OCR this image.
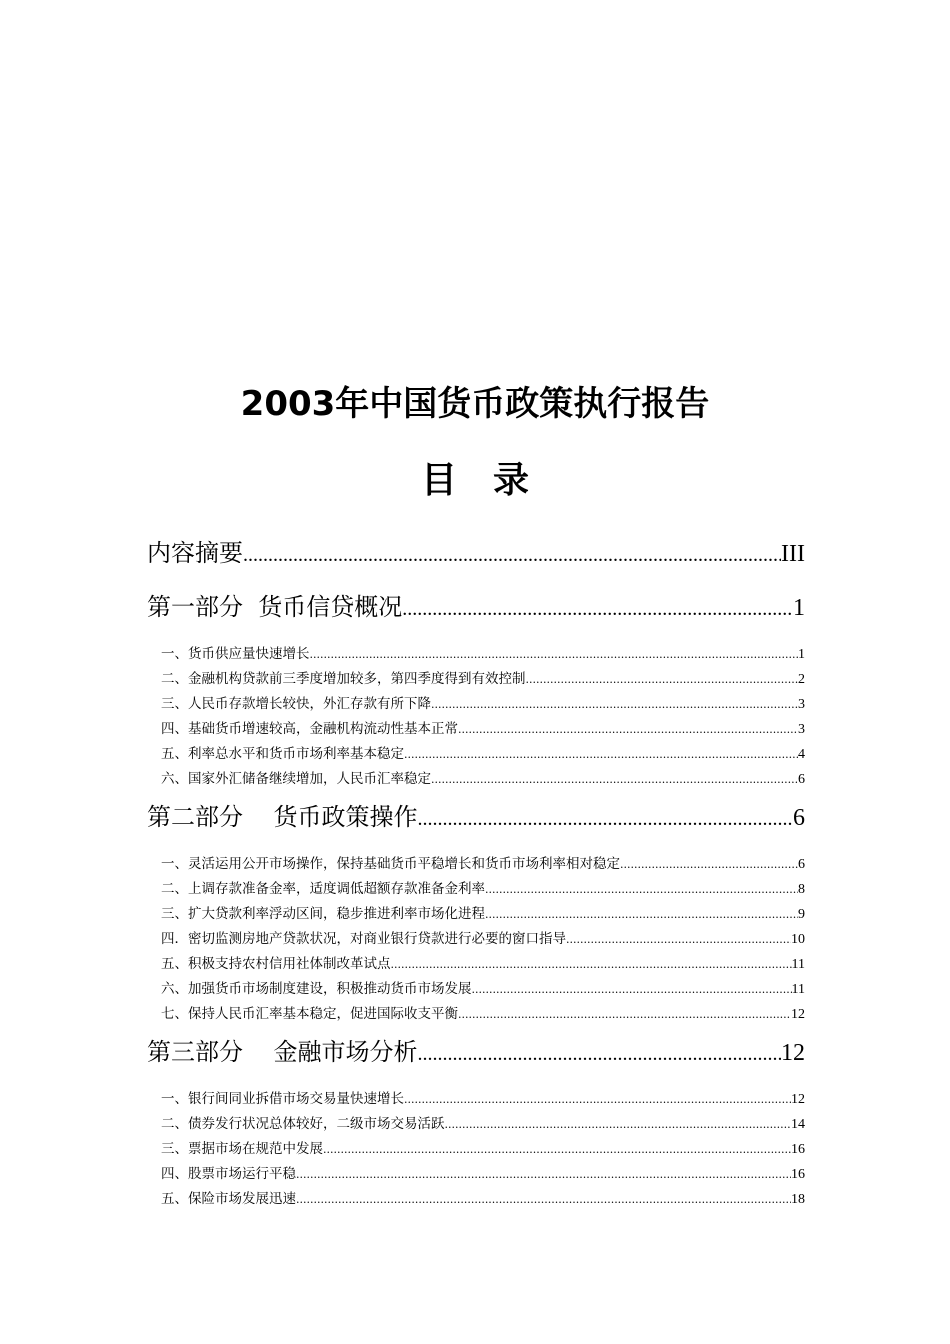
2003年中国货币政策执行报告
目录
内容摘要 .....	III
第一部分  货币信贷概况 .....	1
一、货币供应量快速增长 .....	1
二、金融机构贷款前三季度增加较多，第四季度得到有效控制 .....	2
三、人民币存款增长较快，外汇存款有所下降 .....	3
四、基础货币增速较高，金融机构流动性基本正常 .....	3
五、利率总水平和货币市场利率基本稳定 .....	4
六、国家外汇储备继续增加，人民币汇率稳定 .....	6
第二部分    货币政策操作 .....	6
一、灵活运用公开市场操作，保持基础货币平稳增长和货币市场利率相对稳定 .....	6
二、上调存款准备金率，适度调低超额存款准备金利率 .....	8
三、扩大贷款利率浮动区间，稳步推进利率市场化进程 .....	9
四．密切监测房地产贷款状况，对商业银行贷款进行必要的窗口指导 .....	10
五、积极支持农村信用社体制改革试点 .....	11
六、加强货币市场制度建设，积极推动货币市场发展 .....	11
七、保持人民币汇率基本稳定，促进国际收支平衡 .....	12
第三部分    金融市场分析 .....	12
一、银行间同业拆借市场交易量快速增长 .....	12
二、债券发行状况总体较好，二级市场交易活跃 .....	14
三、票据市场在规范中发展 .....	16
四、股票市场运行平稳 .....	16
五、保险市场发展迅速 .....	18
